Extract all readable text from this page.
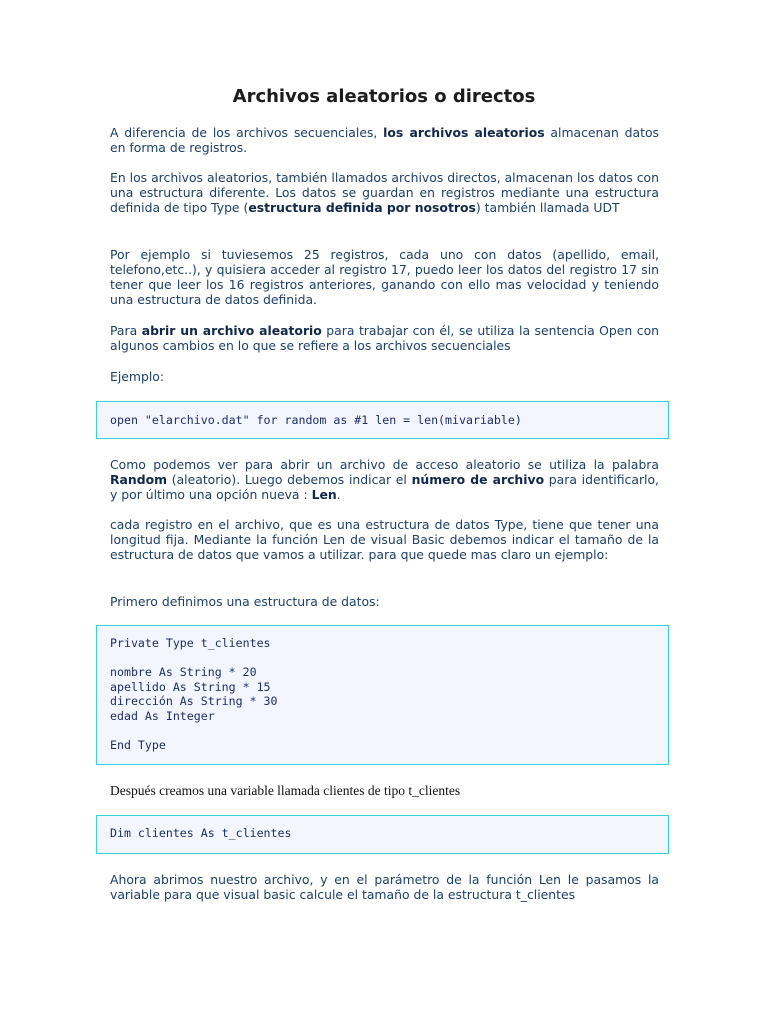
Archivos aleatorios o directos

A diferencia de los archivos secuenciales, los archivos aleatorios almacenan datos en forma de registros.

En los archivos aleatorios, también llamados archivos directos, almacenan los datos con una estructura diferente. Los datos se guardan en registros mediante una estructura definida de tipo Type (estructura definida por nosotros) también llamada UDT

Por ejemplo si tuviesemos 25 registros, cada uno con datos (apellido, email, telefono,etc..), y quisiera acceder al registro 17, puedo leer los datos del registro 17 sin tener que leer los 16 registros anteriores, ganando con ello mas velocidad y teniendo una estructura de datos definida.

Para abrir un archivo aleatorio para trabajar con él, se utiliza la sentencia Open con algunos cambios en lo que se refiere a los archivos secuenciales

Ejemplo:

open "elarchivo.dat" for random as #1 len = len(mivariable)

Como podemos ver para abrir un archivo de acceso aleatorio se utiliza la palabra Random (aleatorio). Luego debemos indicar el número de archivo para identificarlo, y por último una opción nueva : Len.

cada registro en el archivo, que es una estructura de datos Type, tiene que tener una longitud fija. Mediante la función Len de visual Basic debemos indicar el tamaño de la estructura de datos que vamos a utilizar. para que quede mas claro un ejemplo:

Primero definimos una estructura de datos:

Private Type t_clientes

nombre As String * 20
apellido As String * 15
dirección As String * 30
edad As Integer

End Type

Después creamos una variable llamada clientes de tipo t_clientes

Dim clientes As t_clientes

Ahora abrimos nuestro archivo, y en el parámetro de la función Len le pasamos la variable para que visual basic calcule el tamaño de la estructura t_clientes
